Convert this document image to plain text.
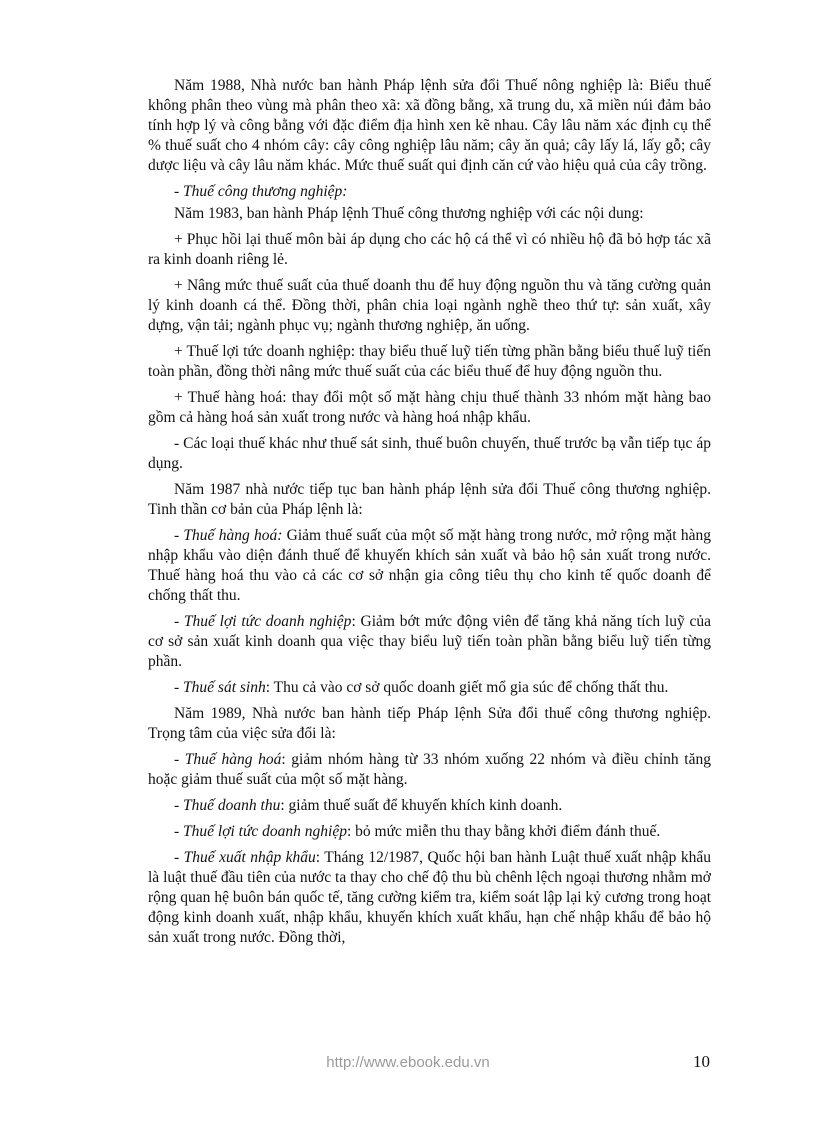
Năm 1988, Nhà nước ban hành Pháp lệnh sửa đổi Thuế nông nghiệp là: Biểu thuế không phân theo vùng mà phân theo xã: xã đồng bằng, xã trung du, xã miền núi đảm bảo tính hợp lý và công bằng với đặc điểm địa hình xen kẽ nhau. Cây lâu năm xác định cụ thể % thuế suất cho 4 nhóm cây: cây công nghiệp lâu năm; cây ăn quả; cây lấy lá, lấy gỗ; cây dược liệu và cây lâu năm khác. Mức thuế suất qui định căn cứ vào hiệu quả của cây trồng.

- Thuế công thương nghiệp:

Năm 1983, ban hành Pháp lệnh Thuế công thương nghiệp với các nội dung:

+ Phục hồi lại thuế môn bài áp dụng cho các hộ cá thể vì có nhiều hộ đã bỏ hợp tác xã ra kinh doanh riêng lẻ.

+ Nâng mức thuế suất của thuế doanh thu để huy động nguồn thu và tăng cường quản lý kinh doanh cá thể. Đồng thời, phân chia loại ngành nghề theo thứ tự: sản xuất, xây dựng, vận tải; ngành phục vụ; ngành thương nghiệp, ăn uống.

+ Thuế lợi tức doanh nghiệp: thay biểu thuế luỹ tiến từng phần bằng biểu thuế luỹ tiến toàn phần, đồng thời nâng mức thuế suất của các biểu thuế để huy động nguồn thu.

+ Thuế hàng hoá: thay đổi một số mặt hàng chịu thuế thành 33 nhóm mặt hàng bao gồm cả hàng hoá sản xuất trong nước và hàng hoá nhập khẩu.

- Các loại thuế khác như thuế sát sinh, thuế buôn chuyến, thuế trước bạ vẫn tiếp tục áp dụng.

Năm 1987 nhà nước tiếp tục ban hành pháp lệnh sửa đổi Thuế công thương nghiệp. Tinh thần cơ bản của Pháp lệnh là:

- Thuế hàng hoá: Giảm thuế suất của một số mặt hàng trong nước, mở rộng mặt hàng nhập khẩu vào diện đánh thuế để khuyến khích sản xuất và bảo hộ sản xuất trong nước. Thuế hàng hoá thu vào cả các cơ sở nhận gia công tiêu thụ cho kinh tế quốc doanh để chống thất thu.

- Thuế lợi tức doanh nghiệp: Giảm bớt mức động viên để tăng khả năng tích luỹ của cơ sở sản xuất kinh doanh qua việc thay biểu luỹ tiến toàn phần bằng biểu luỹ tiến từng phần.

- Thuế sát sinh: Thu cả vào cơ sở quốc doanh giết mổ gia súc để chống thất thu.

Năm 1989, Nhà nước ban hành tiếp Pháp lệnh Sửa đổi thuế công thương nghiệp. Trọng tâm của việc sửa đổi là:

- Thuế hàng hoá: giảm nhóm hàng từ 33 nhóm xuống 22 nhóm và điều chỉnh tăng hoặc giảm thuế suất của một số mặt hàng.

- Thuế doanh thu: giảm thuế suất để khuyến khích kinh doanh.

- Thuế lợi tức doanh nghiệp: bỏ mức miễn thu thay bằng khởi điểm đánh thuế.

- Thuế xuất nhập khẩu: Tháng 12/1987, Quốc hội ban hành Luật thuế xuất nhập khẩu là luật thuế đầu tiên của nước ta thay cho chế độ thu bù chênh lệch ngoại thương nhằm mở rộng quan hệ buôn bán quốc tế, tăng cường kiểm tra, kiểm soát lập lại kỷ cương trong hoạt động kinh doanh xuất, nhập khẩu, khuyến khích xuất khẩu, hạn chế nhập khẩu để bảo hộ sản xuất trong nước. Đồng thời,

http://www.ebook.edu.vn	10
